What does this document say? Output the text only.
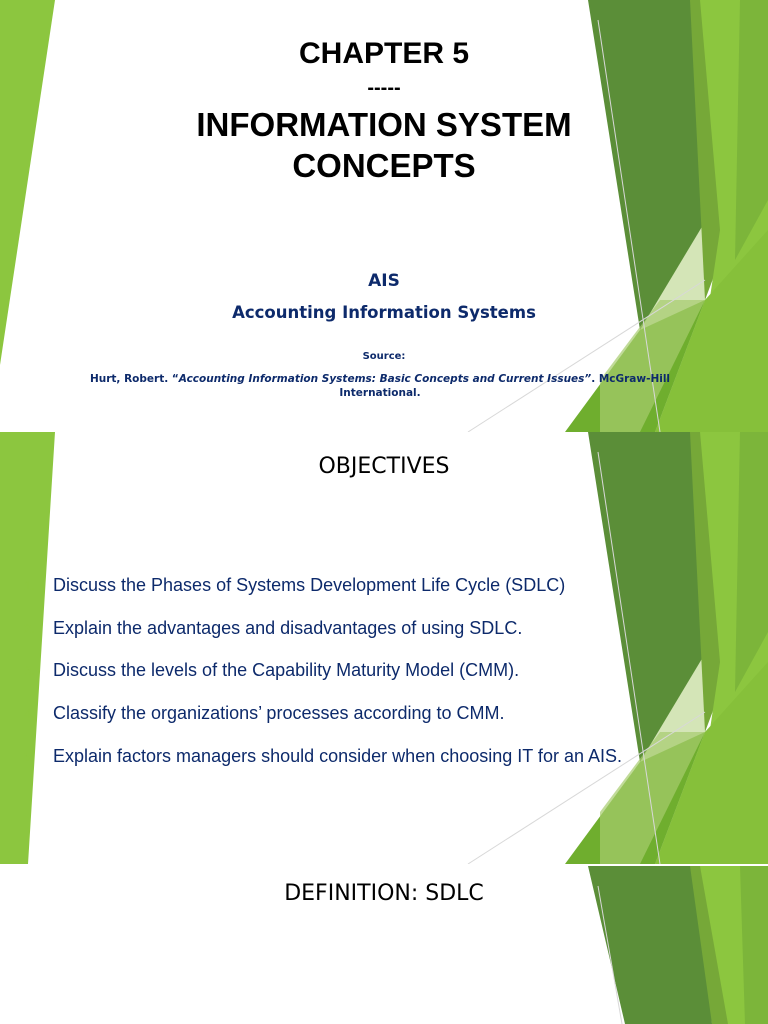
CHAPTER 5
-----
INFORMATION SYSTEM
CONCEPTS
AIS
Accounting Information Systems
Source:
Hurt, Robert. “Accounting Information Systems: Basic Concepts and Current Issues”. McGraw-Hill International.
OBJECTIVES
1.	Discuss the Phases of Systems Development Life Cycle (SDLC)
2.	Explain the advantages and disadvantages of using SDLC.
3.	Discuss the levels of the Capability Maturity Model (CMM).
4.	Classify the organizations’ processes according to CMM.
5.	Explain factors managers should consider when choosing IT for an AIS.
DEFINITION: SDLC
